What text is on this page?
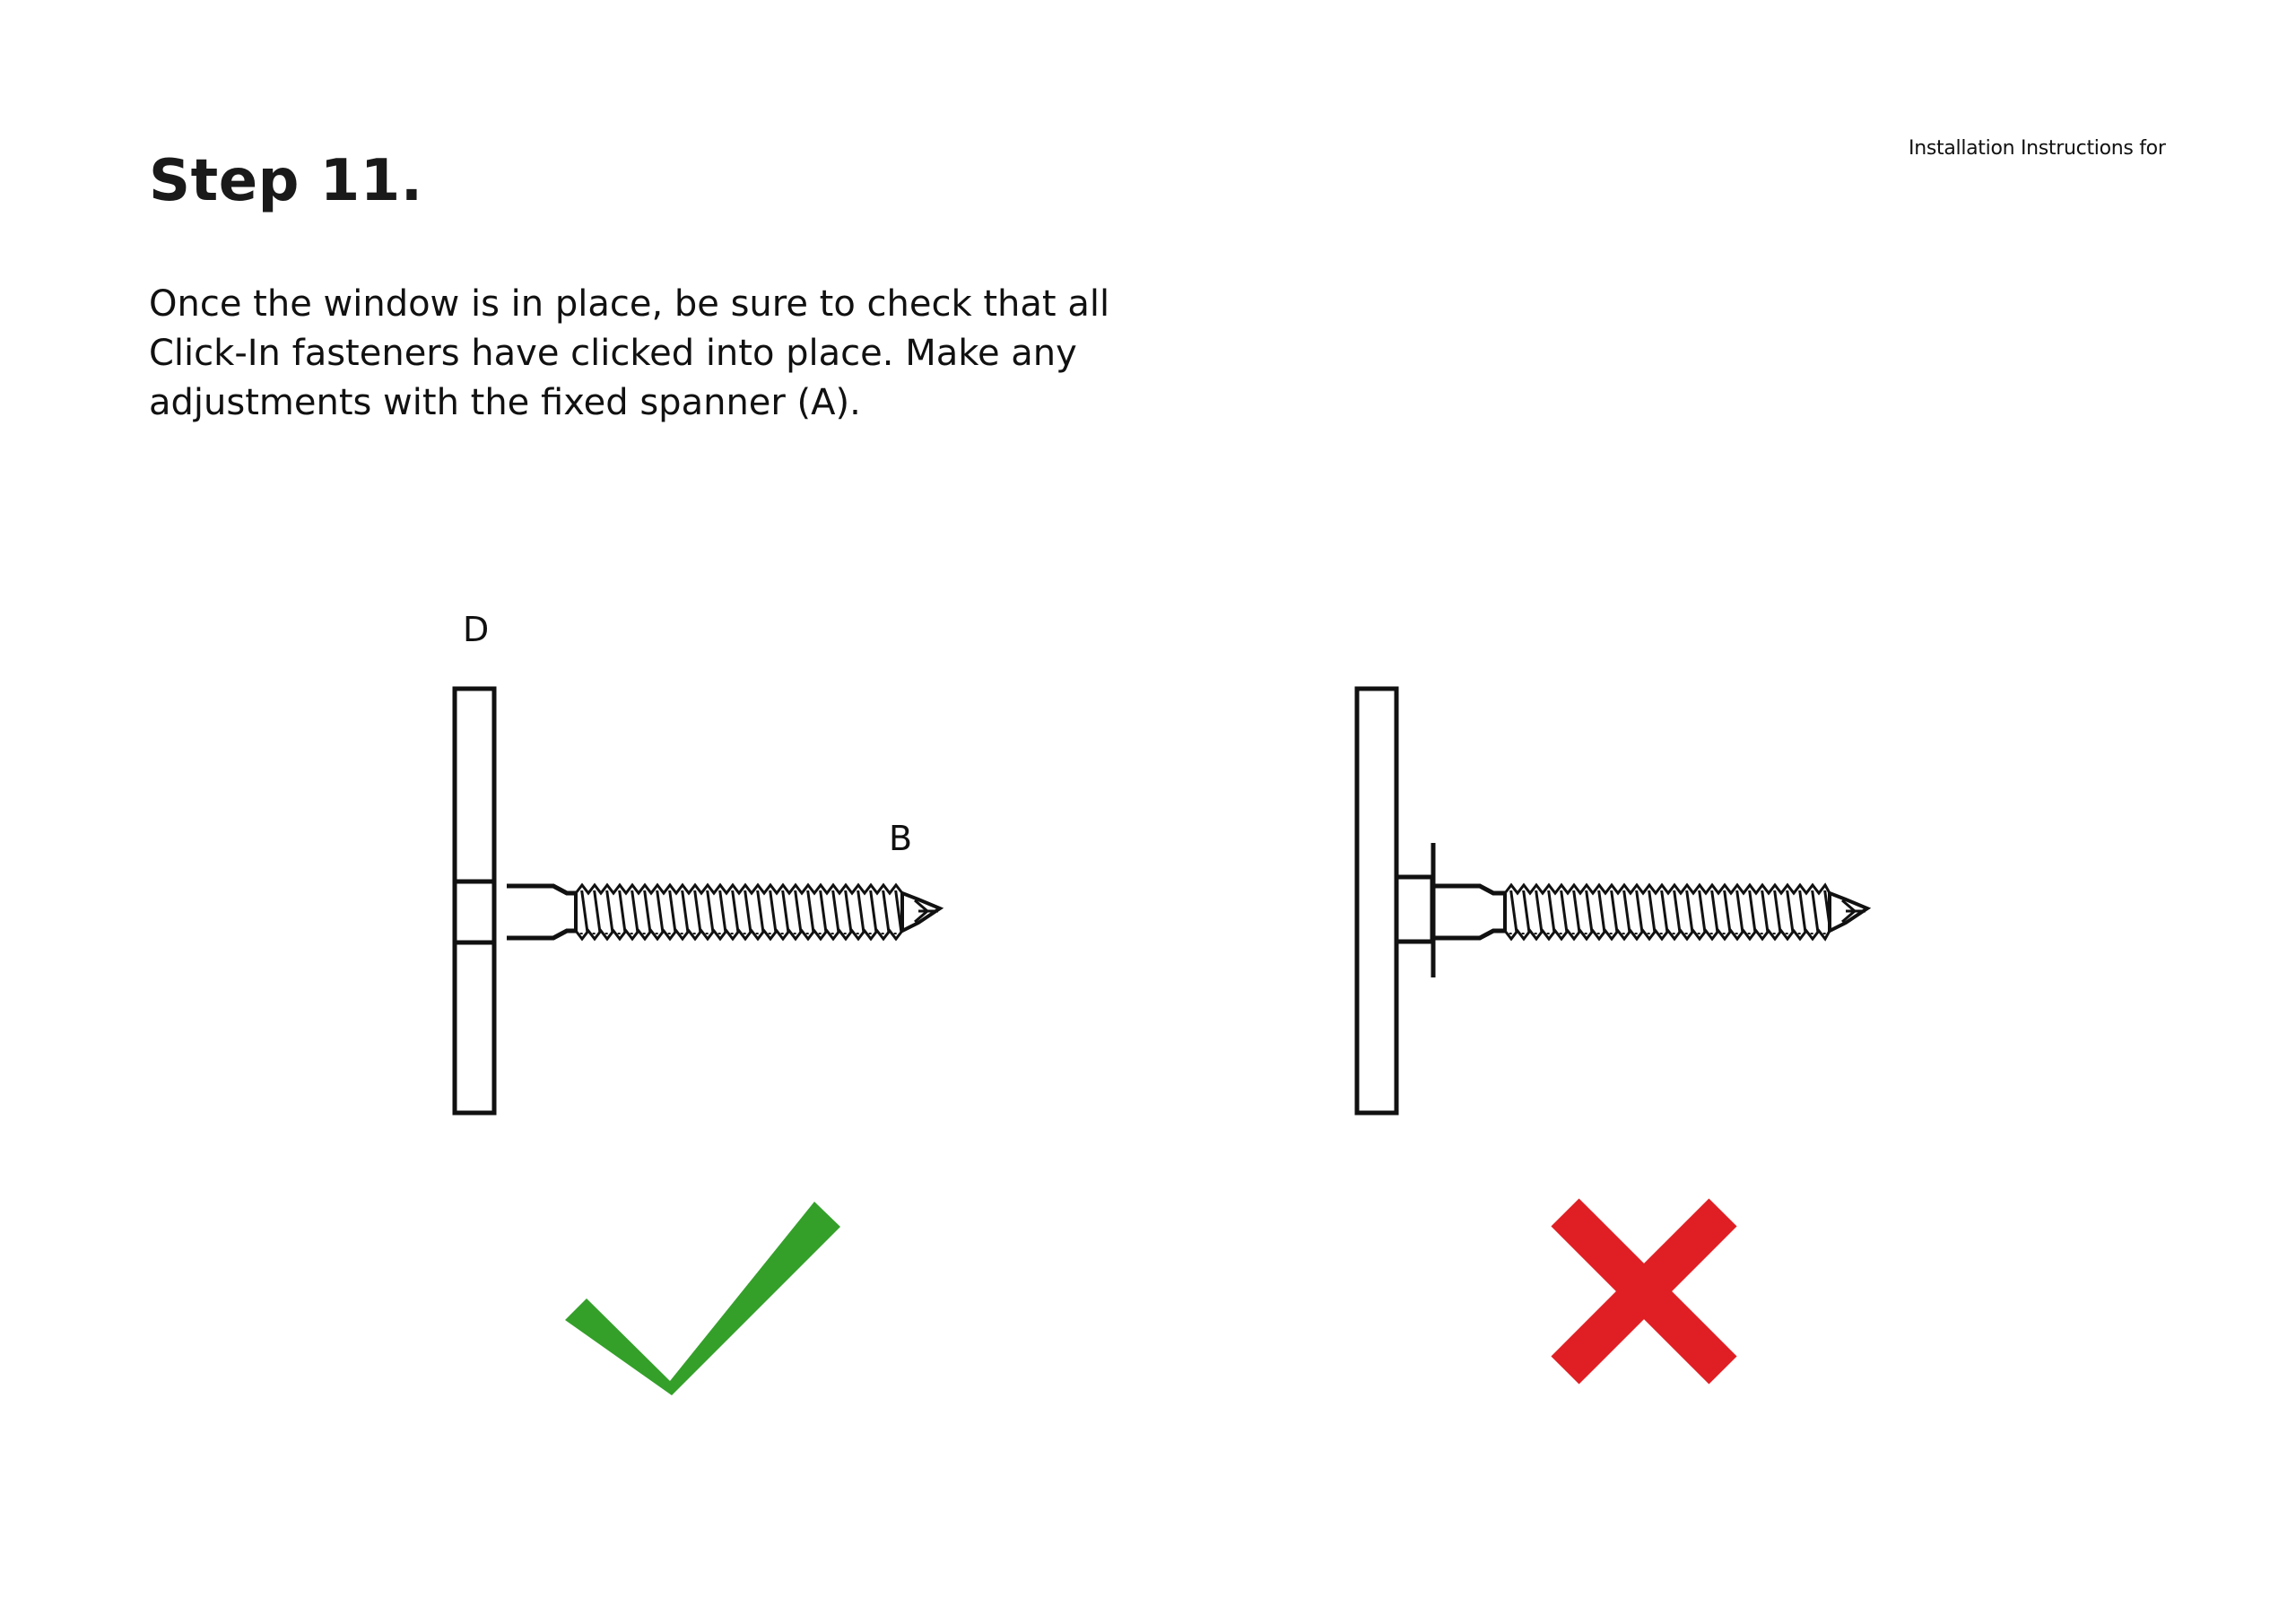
Installation Instructions for
Step 11.

Once the window is in place, be sure to check that all Click-In fasteners have clicked into place. Make any adjustments with the fixed spanner (A).

D
B
